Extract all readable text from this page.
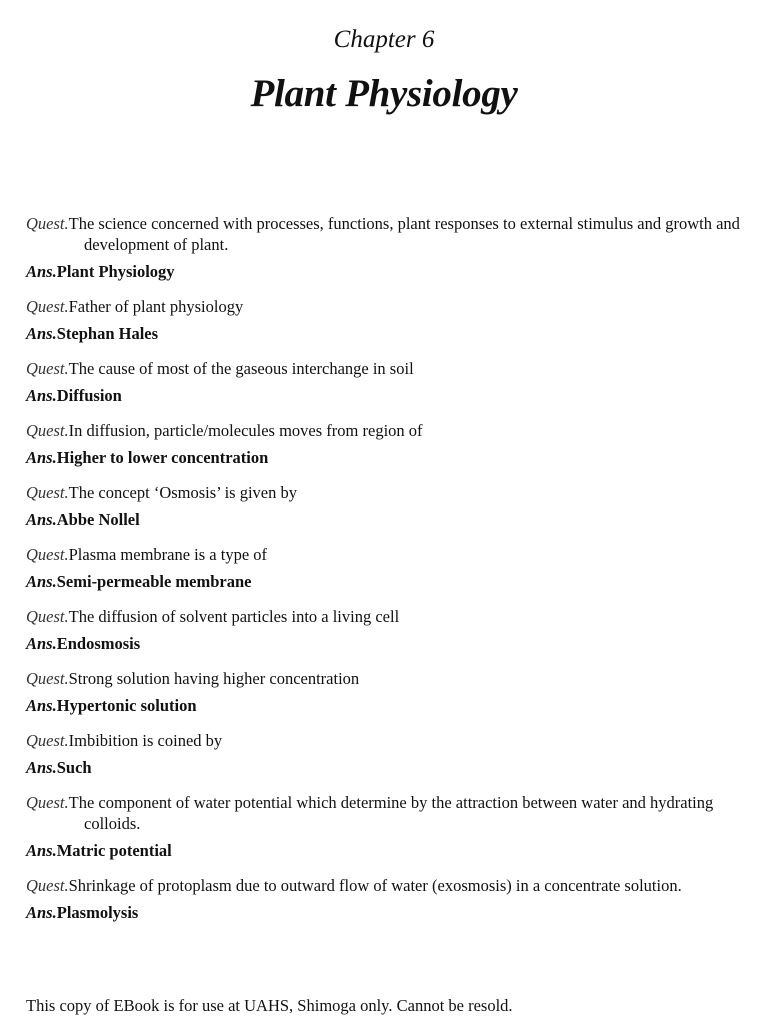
Chapter 6
Plant Physiology
Quest.The science concerned with processes, functions, plant responses to external stimulus and growth and development of plant.
Ans.Plant Physiology
Quest.Father of plant physiology
Ans.Stephan Hales
Quest.The cause of most of the gaseous interchange in soil
Ans.Diffusion
Quest.In diffusion, particle/molecules moves from region of
Ans.Higher to lower concentration
Quest.The concept ‘Osmosis’ is given by
Ans.Abbe Nollel
Quest.Plasma membrane is a type of
Ans.Semi-permeable membrane
Quest.The diffusion of solvent particles into a living cell
Ans.Endosmosis
Quest.Strong solution having higher concentration
Ans.Hypertonic solution
Quest.Imbibition is coined by
Ans.Such
Quest.The component of water potential which determine by the attraction between water and hydrating colloids.
Ans.Matric potential
Quest.Shrinkage of protoplasm due to outward flow of water (exosmosis) in a concentrate solution.
Ans.Plasmolysis
This copy of EBook is for use at UAHS, Shimoga only. Cannot be resold.
